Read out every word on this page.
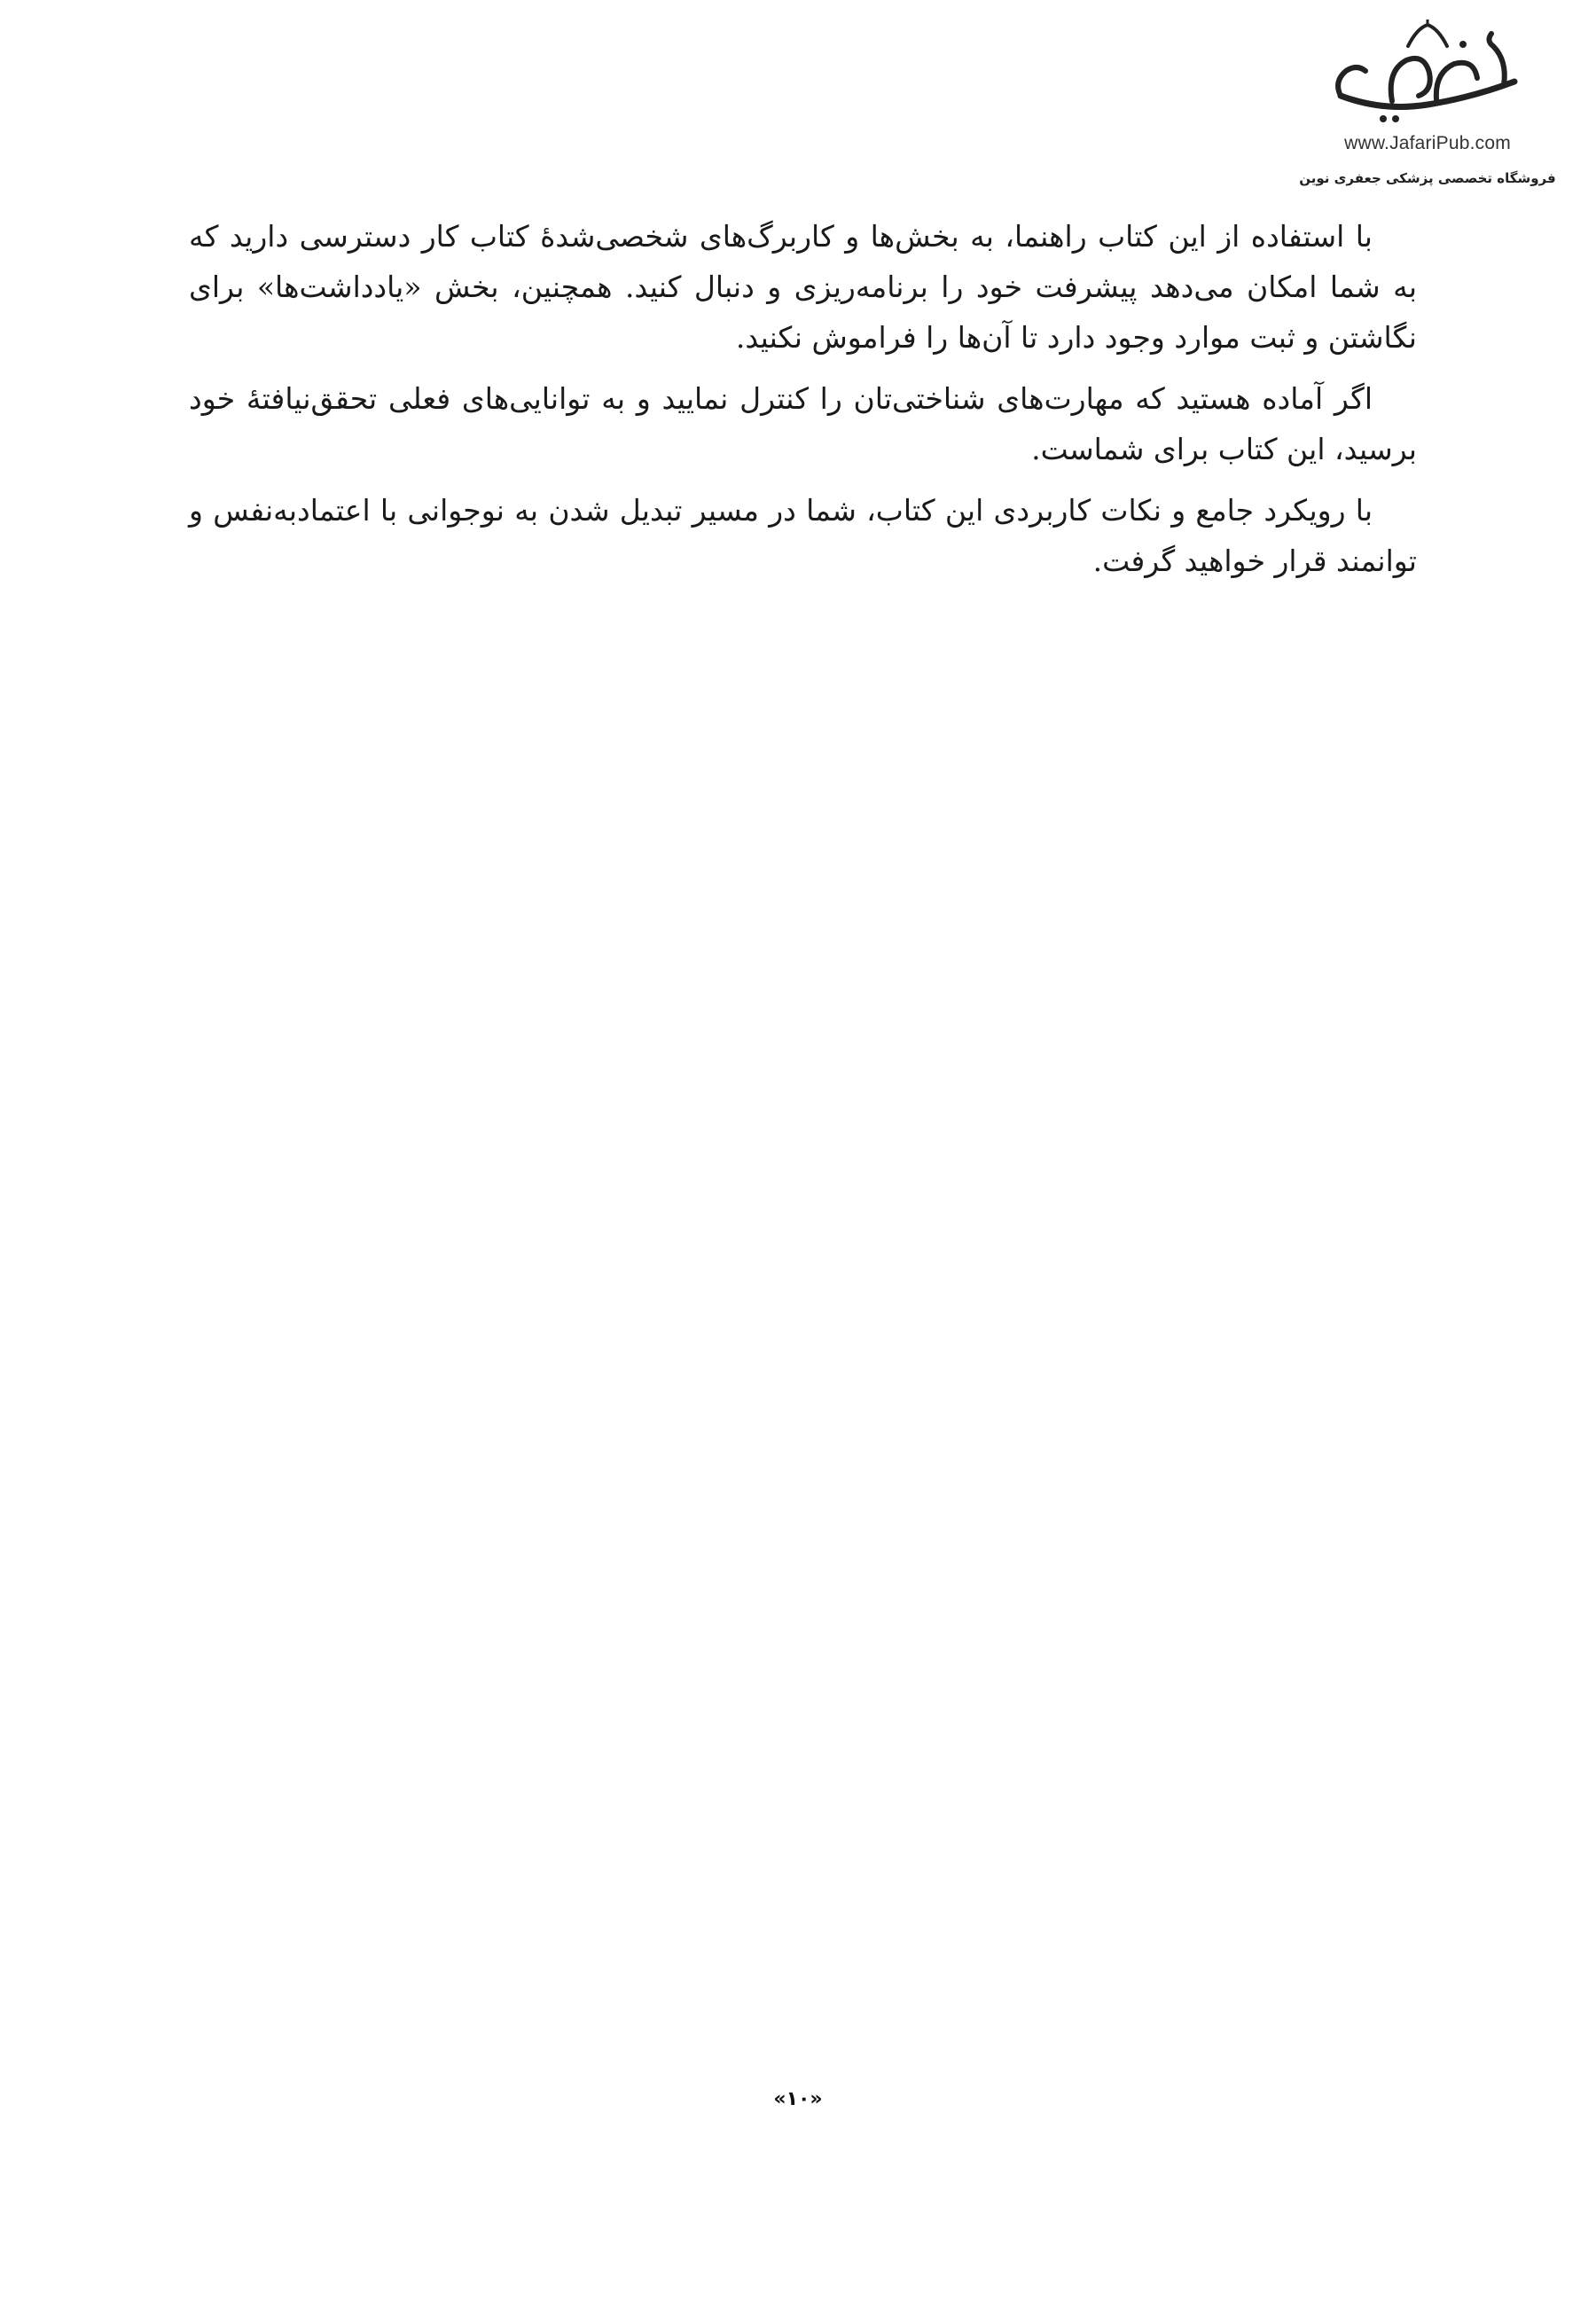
www.JafariPub.com
فروشگاه تخصصی پزشکی جعفری نوین

با استفاده از این کتاب راهنما، به بخش‌ها و کاربرگ‌های شخصی‌شدهٔ کتاب کار دسترسی دارید که به شما امکان می‌دهد پیشرفت خود را برنامه‌ریزی و دنبال کنید. همچنین، بخش «یادداشت‌ها» برای نگاشتن و ثبت موارد وجود دارد تا آن‌ها را فراموش نکنید.

اگر آماده هستید که مهارت‌های شناختی‌تان را کنترل نمایید و به توانایی‌های فعلی تحقق‌نیافتهٔ خود برسید، این کتاب برای شماست.

با رویکرد جامع و نکات کاربردی این کتاب، شما در مسیر تبدیل شدن به نوجوانی با اعتمادبه‌نفس و توانمند قرار خواهید گرفت.

«۱۰»
